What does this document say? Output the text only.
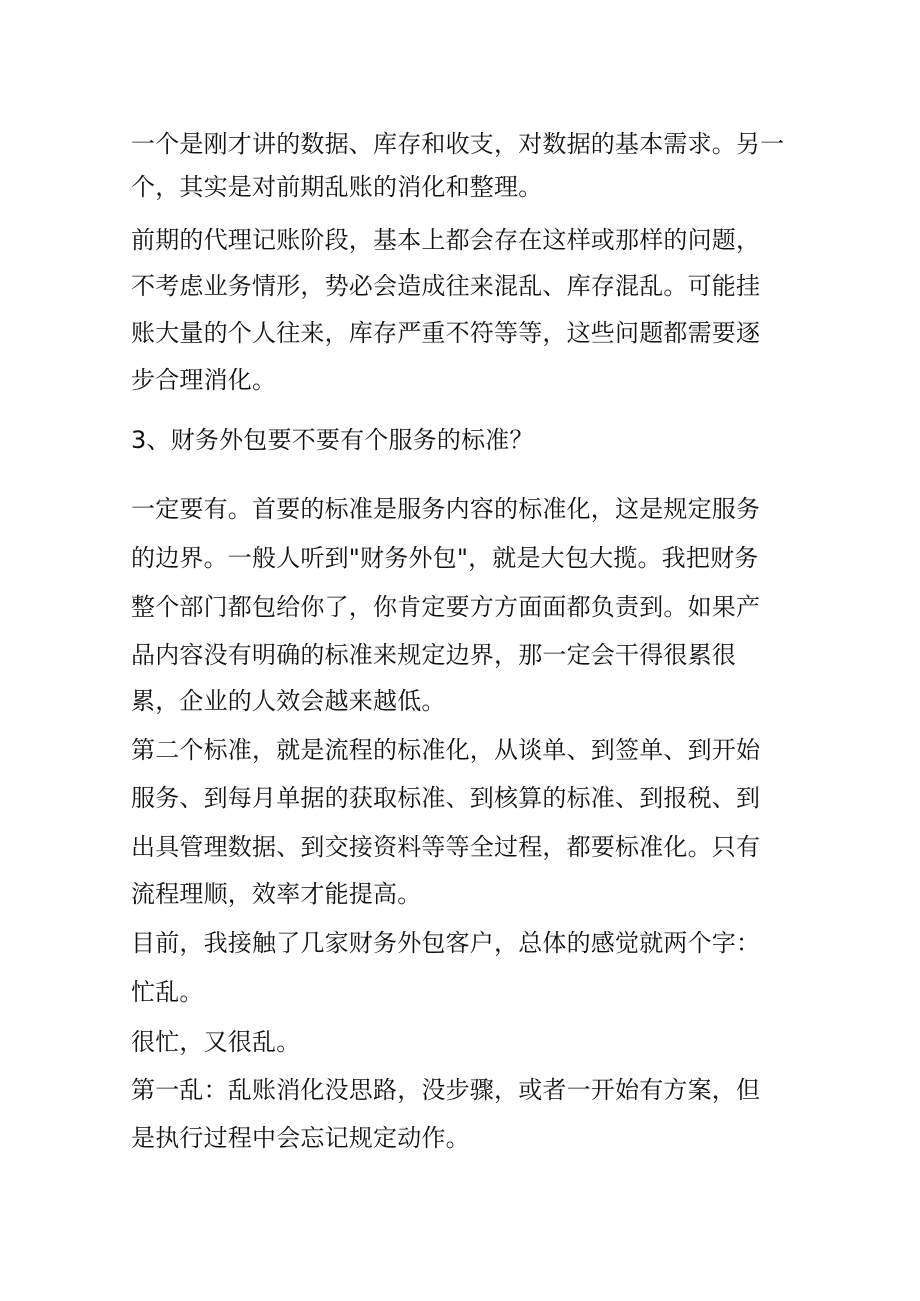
一个是刚才讲的数据、库存和收支，对数据的基本需求。另一
个，其实是对前期乱账的消化和整理。
前期的代理记账阶段，基本上都会存在这样或那样的问题，
不考虑业务情形，势必会造成往来混乱、库存混乱。可能挂
账大量的个人往来，库存严重不符等等，这些问题都需要逐
步合理消化。
3、财务外包要不要有个服务的标准？
一定要有。首要的标准是服务内容的标准化，这是规定服务
的边界。一般人听到"财务外包"，就是大包大揽。我把财务
整个部门都包给你了，你肯定要方方面面都负责到。如果产
品内容没有明确的标准来规定边界，那一定会干得很累很
累，企业的人效会越来越低。
第二个标准，就是流程的标准化，从谈单、到签单、到开始
服务、到每月单据的获取标准、到核算的标准、到报税、到
出具管理数据、到交接资料等等全过程，都要标准化。只有
流程理顺，效率才能提高。
目前，我接触了几家财务外包客户，总体的感觉就两个字：
忙乱。
很忙，又很乱。
第一乱：乱账消化没思路，没步骤，或者一开始有方案，但
是执行过程中会忘记规定动作。
